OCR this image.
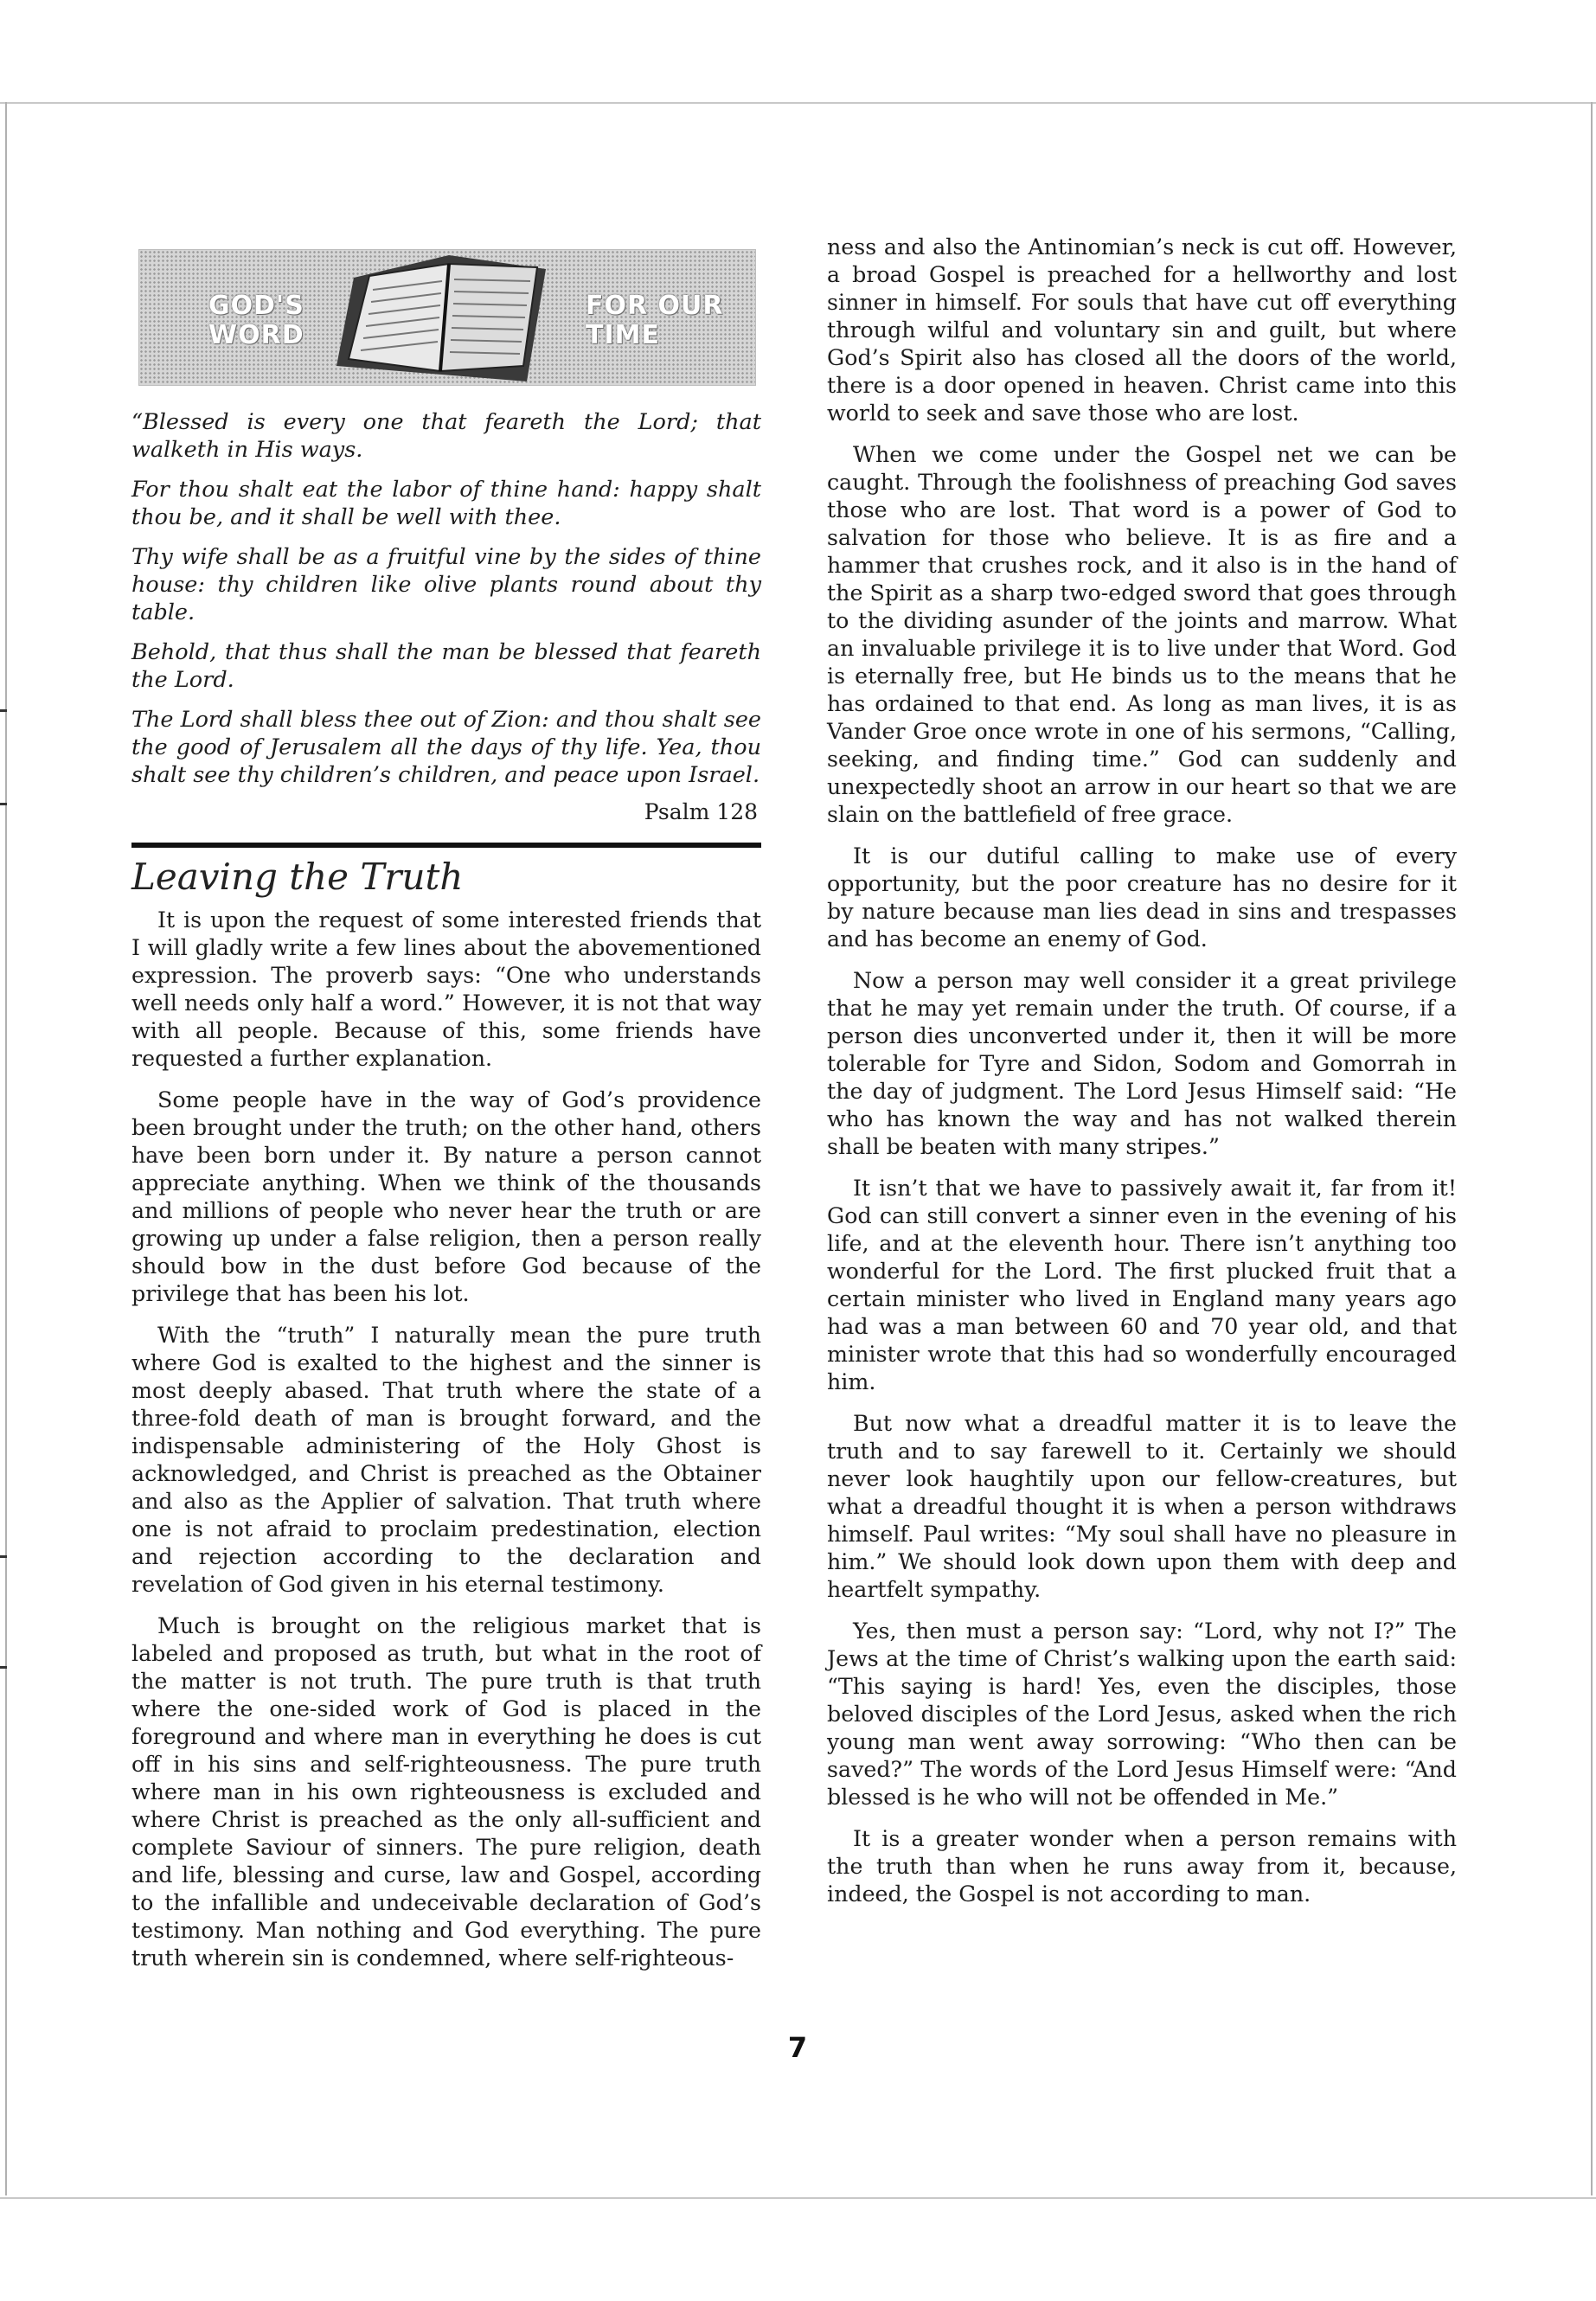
GOD'S
WORD
FOR OUR
TIME

“Blessed is every one that feareth the Lord; that walketh in His ways.

For thou shalt eat the labor of thine hand: happy shalt thou be, and it shall be well with thee.

Thy wife shall be as a fruitful vine by the sides of thine house: thy children like olive plants round about thy table.

Behold, that thus shall the man be blessed that feareth the Lord.

The Lord shall bless thee out of Zion: and thou shalt see the good of Jerusalem all the days of thy life. Yea, thou shalt see thy children’s children, and peace upon Israel.

Psalm 128
Leaving the Truth

It is upon the request of some interested friends that I will gladly write a few lines about the abovementioned expression. The proverb says: “One who understands well needs only half a word.” However, it is not that way with all people. Because of this, some friends have requested a further explanation.

Some people have in the way of God’s providence been brought under the truth; on the other hand, others have been born under it. By nature a person cannot appreciate anything. When we think of the thousands and millions of people who never hear the truth or are growing up under a false religion, then a person really should bow in the dust before God because of the privilege that has been his lot.

With the “truth” I naturally mean the pure truth where God is exalted to the highest and the sinner is most deeply abased. That truth where the state of a three-fold death of man is brought forward, and the indispensable administering of the Holy Ghost is acknowledged, and Christ is preached as the Obtainer and also as the Applier of salvation. That truth where one is not afraid to proclaim predestination, election and rejection according to the declaration and revelation of God given in his eternal testimony.

Much is brought on the religious market that is labeled and proposed as truth, but what in the root of the matter is not truth. The pure truth is that truth where the one-sided work of God is placed in the foreground and where man in everything he does is cut off in his sins and self-righteousness. The pure truth where man in his own righteousness is excluded and where Christ is preached as the only all-sufficient and complete Saviour of sinners. The pure religion, death and life, blessing and curse, law and Gospel, according to the infallible and undeceivable declaration of God’s testimony. Man nothing and God everything. The pure truth wherein sin is condemned, where self-righteous-

ness and also the Antinomian’s neck is cut off. However, a broad Gospel is preached for a hellworthy and lost sinner in himself. For souls that have cut off everything through wilful and voluntary sin and guilt, but where God’s Spirit also has closed all the doors of the world, there is a door opened in heaven. Christ came into this world to seek and save those who are lost.

When we come under the Gospel net we can be caught. Through the foolishness of preaching God saves those who are lost. That word is a power of God to salvation for those who believe. It is as fire and a hammer that crushes rock, and it also is in the hand of the Spirit as a sharp two-edged sword that goes through to the dividing asunder of the joints and marrow. What an invaluable privilege it is to live under that Word. God is eternally free, but He binds us to the means that he has ordained to that end. As long as man lives, it is as Vander Groe once wrote in one of his sermons, “Calling, seeking, and finding time.” God can suddenly and unexpectedly shoot an arrow in our heart so that we are slain on the battlefield of free grace.

It is our dutiful calling to make use of every opportunity, but the poor creature has no desire for it by nature because man lies dead in sins and trespasses and has become an enemy of God.

Now a person may well consider it a great privilege that he may yet remain under the truth. Of course, if a person dies unconverted under it, then it will be more tolerable for Tyre and Sidon, Sodom and Gomorrah in the day of judgment. The Lord Jesus Himself said: “He who has known the way and has not walked therein shall be beaten with many stripes.”

It isn’t that we have to passively await it, far from it! God can still convert a sinner even in the evening of his life, and at the eleventh hour. There isn’t anything too wonderful for the Lord. The first plucked fruit that a certain minister who lived in England many years ago had was a man between 60 and 70 year old, and that minister wrote that this had so wonderfully encouraged him.

But now what a dreadful matter it is to leave the truth and to say farewell to it. Certainly we should never look haughtily upon our fellow-creatures, but what a dreadful thought it is when a person withdraws himself. Paul writes: “My soul shall have no pleasure in him.” We should look down upon them with deep and heartfelt sympathy.

Yes, then must a person say: “Lord, why not I?” The Jews at the time of Christ’s walking upon the earth said: “This saying is hard! Yes, even the disciples, those beloved disciples of the Lord Jesus, asked when the rich young man went away sorrowing: “Who then can be saved?” The words of the Lord Jesus Himself were: “And blessed is he who will not be offended in Me.”

It is a greater wonder when a person remains with the truth than when he runs away from it, because, indeed, the Gospel is not according to man.

7
